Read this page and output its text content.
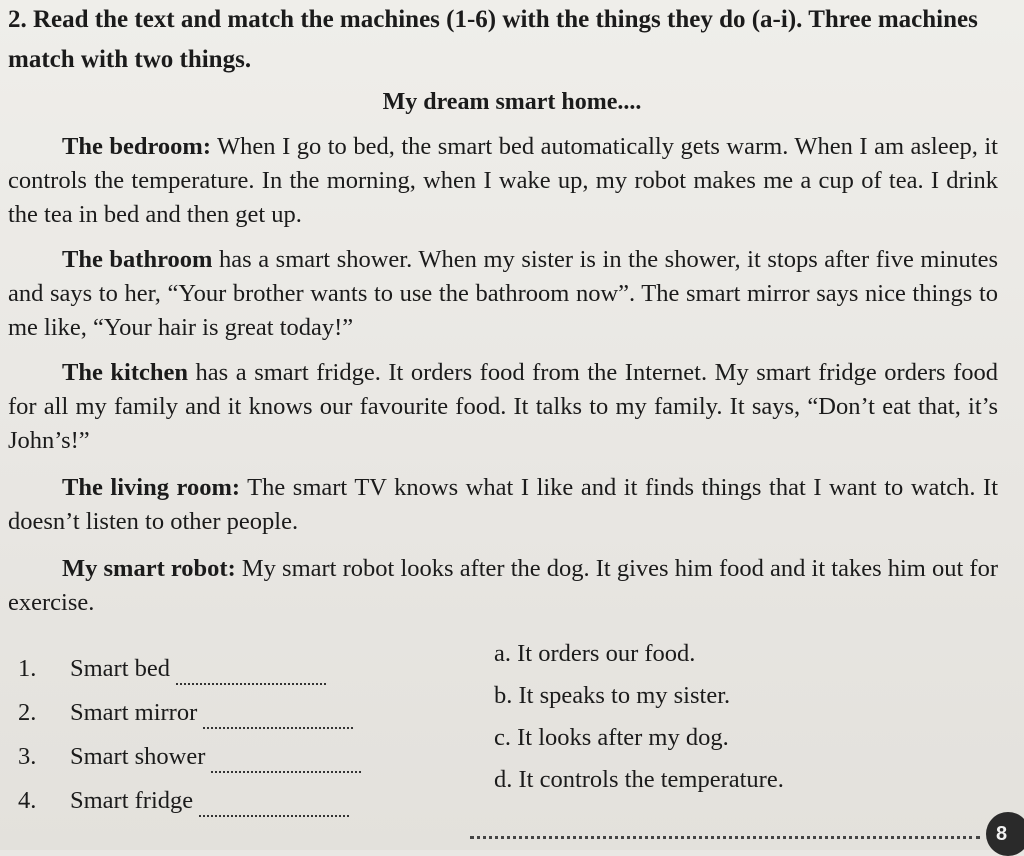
2. Read the text and match the machines (1-6) with the things they do (a-i). Three machines match with two things.

My dream smart home....

The bedroom: When I go to bed, the smart bed automatically gets warm. When I am asleep, it controls the temperature. In the morning, when I wake up, my robot makes me a cup of tea. I drink the tea in bed and then get up.

The bathroom has a smart shower. When my sister is in the shower, it stops after five minutes and says to her, “Your brother wants to use the bathroom now”. The smart mirror says nice things to me like, “Your hair is great today!”

The kitchen has a smart fridge. It orders food from the Internet. My smart fridge orders food for all my family and it knows our favourite food. It talks to my family. It says, “Don’t eat that, it’s John’s!”

The living room: The smart TV knows what I like and it finds things that I want to watch. It doesn’t listen to other people.

My smart robot: My smart robot looks after the dog. It gives him food and it takes him out for exercise.

1.	Smart bed
2.	Smart mirror
3.	Smart shower
4.	Smart fridge
a. It orders our food.
b. It speaks to my sister.
c. It looks after my dog.
d. It controls the temperature.
8
